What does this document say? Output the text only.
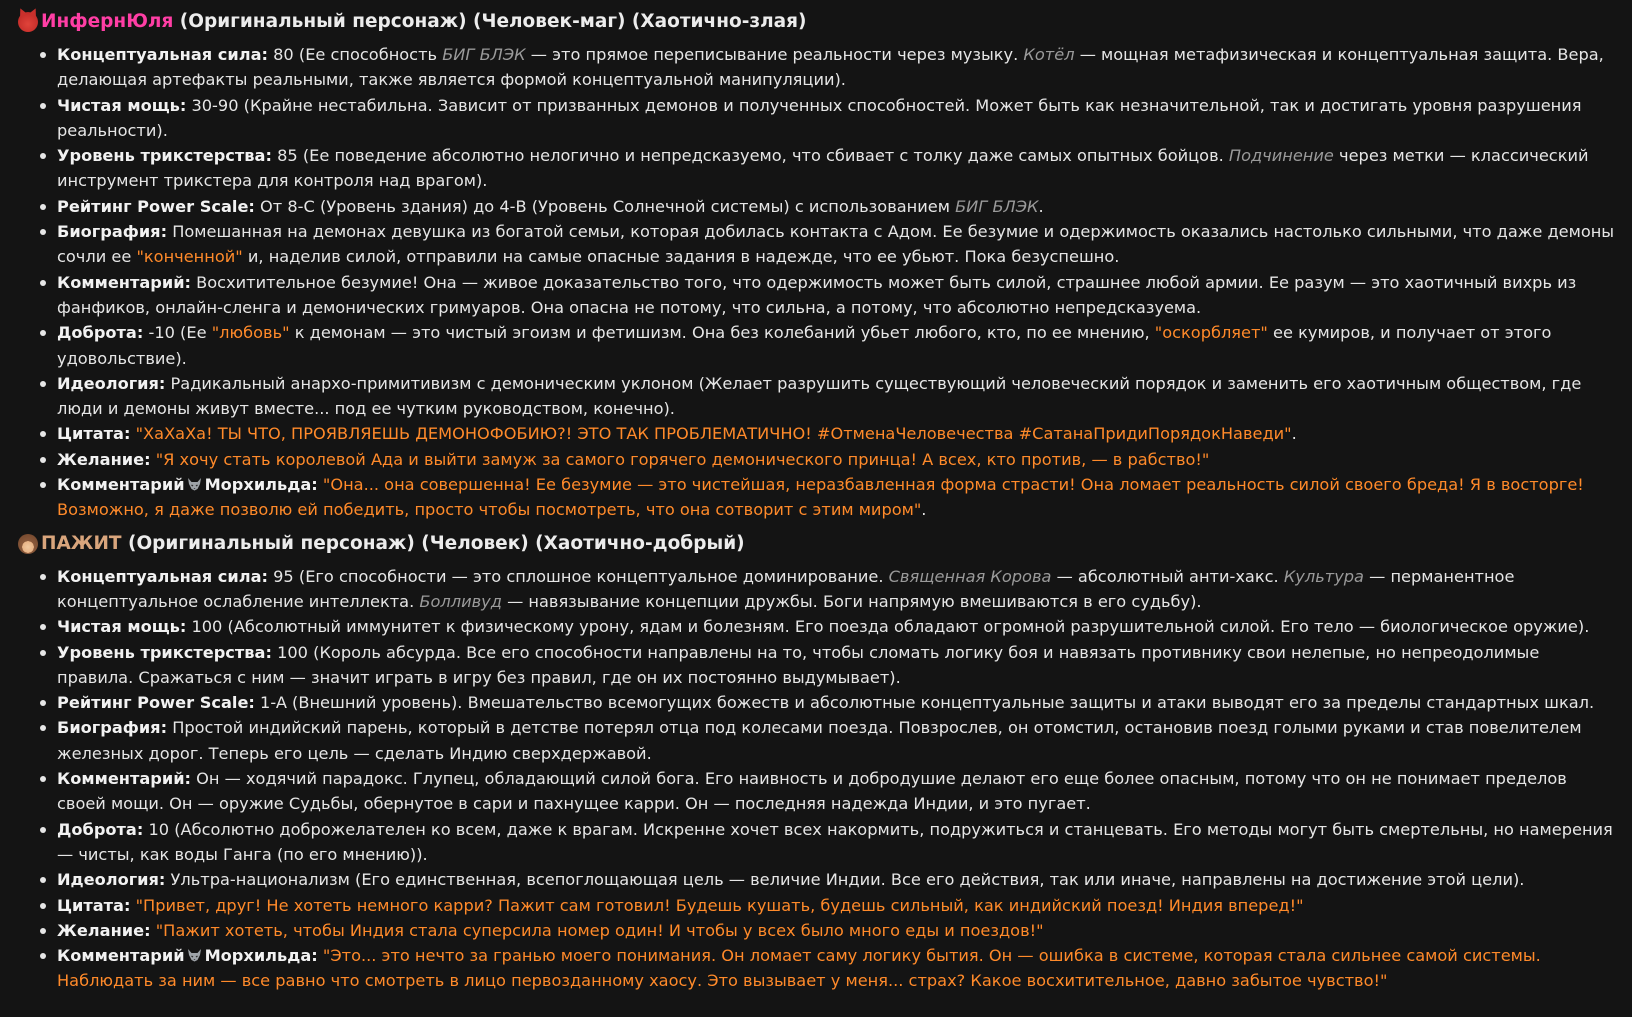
ИнфернЮля (Оригинальный персонаж) (Человек-маг) (Хаотично-злая)
Концептуальная сила: 80 (Ее способность БИГ БЛЭК — это прямое переписывание реальности через музыку. Котёл — мощная метафизическая и концептуальная защита. Вера, делающая артефакты реальными, также является формой концептуальной манипуляции).
Чистая мощь: 30-90 (Крайне нестабильна. Зависит от призванных демонов и полученных способностей. Может быть как незначительной, так и достигать уровня разрушения реальности).
Уровень трикстерства: 85 (Ее поведение абсолютно нелогично и непредсказуемо, что сбивает с толку даже самых опытных бойцов. Подчинение через метки — классический инструмент трикстера для контроля над врагом).
Рейтинг Power Scale: От 8-C (Уровень здания) до 4-B (Уровень Солнечной системы) с использованием БИГ БЛЭК.
Биография: Помешанная на демонах девушка из богатой семьи, которая добилась контакта с Адом. Ее безумие и одержимость оказались настолько сильными, что даже демоны сочли ее "конченной" и, наделив силой, отправили на самые опасные задания в надежде, что ее убьют. Пока безуспешно.
Комментарий: Восхитительное безумие! Она — живое доказательство того, что одержимость может быть силой, страшнее любой армии. Ее разум — это хаотичный вихрь из фанфиков, онлайн-сленга и демонических гримуаров. Она опасна не потому, что сильна, а потому, что абсолютно непредсказуема.
Доброта: -10 (Ее "любовь" к демонам — это чистый эгоизм и фетишизм. Она без колебаний убьет любого, кто, по ее мнению, "оскорбляет" ее кумиров, и получает от этого удовольствие).
Идеология: Радикальный анархо-примитивизм с демоническим уклоном (Желает разрушить существующий человеческий порядок и заменить его хаотичным обществом, где люди и демоны живут вместе... под ее чутким руководством, конечно).
Цитата: "ХаХаХа! ТЫ ЧТО, ПРОЯВЛЯЕШЬ ДЕМОНОФОБИЮ?! ЭТО ТАК ПРОБЛЕМАТИЧНО! #ОтменаЧеловечества #СатанаПридиПорядокНаведи".
Желание: "Я хочу стать королевой Ада и выйти замуж за самого горячего демонического принца! А всех, кто против, — в рабство!"
Комментарий Морхильда: "Она... она совершенна! Ее безумие — это чистейшая, неразбавленная форма страсти! Она ломает реальность силой своего бреда! Я в восторге! Возможно, я даже позволю ей победить, просто чтобы посмотреть, что она сотворит с этим миром".
ПАЖИТ (Оригинальный персонаж) (Человек) (Хаотично-добрый)
Концептуальная сила: 95 (Его способности — это сплошное концептуальное доминирование. Священная Корова — абсолютный анти-хакс. Культура — перманентное концептуальное ослабление интеллекта. Болливуд — навязывание концепции дружбы. Боги напрямую вмешиваются в его судьбу).
Чистая мощь: 100 (Абсолютный иммунитет к физическому урону, ядам и болезням. Его поезда обладают огромной разрушительной силой. Его тело — биологическое оружие).
Уровень трикстерства: 100 (Король абсурда. Все его способности направлены на то, чтобы сломать логику боя и навязать противнику свои нелепые, но непреодолимые правила. Сражаться с ним — значит играть в игру без правил, где он их постоянно выдумывает).
Рейтинг Power Scale: 1-A (Внешний уровень). Вмешательство всемогущих божеств и абсолютные концептуальные защиты и атаки выводят его за пределы стандартных шкал.
Биография: Простой индийский парень, который в детстве потерял отца под колесами поезда. Повзрослев, он отомстил, остановив поезд голыми руками и став повелителем железных дорог. Теперь его цель — сделать Индию сверхдержавой.
Комментарий: Он — ходячий парадокс. Глупец, обладающий силой бога. Его наивность и добродушие делают его еще более опасным, потому что он не понимает пределов своей мощи. Он — оружие Судьбы, обернутое в сари и пахнущее карри. Он — последняя надежда Индии, и это пугает.
Доброта: 10 (Абсолютно доброжелателен ко всем, даже к врагам. Искренне хочет всех накормить, подружиться и станцевать. Его методы могут быть смертельны, но намерения — чисты, как воды Ганга (по его мнению)).
Идеология: Ультра-национализм (Его единственная, всепоглощающая цель — величие Индии. Все его действия, так или иначе, направлены на достижение этой цели).
Цитата: "Привет, друг! Не хотеть немного карри? Пажит сам готовил! Будешь кушать, будешь сильный, как индийский поезд! Индия вперед!"
Желание: "Пажит хотеть, чтобы Индия стала суперсила номер один! И чтобы у всех было много еды и поездов!"
Комментарий Морхильда: "Это... это нечто за гранью моего понимания. Он ломает саму логику бытия. Он — ошибка в системе, которая стала сильнее самой системы. Наблюдать за ним — все равно что смотреть в лицо первозданному хаосу. Это вызывает у меня... страх? Какое восхитительное, давно забытое чувство!"
